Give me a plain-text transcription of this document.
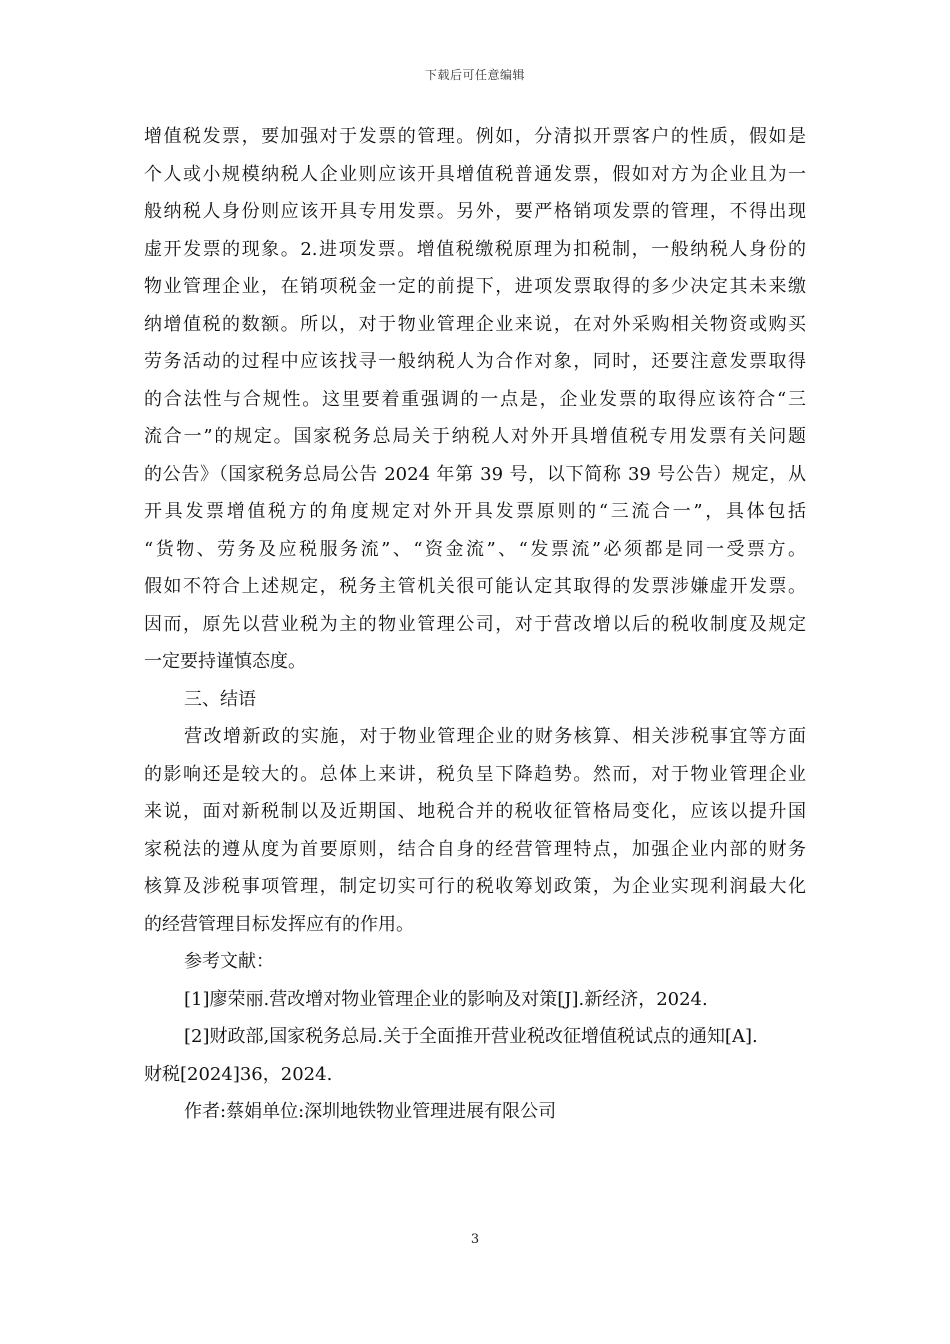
下载后可任意编辑
增值税发票，要加强对于发票的管理。例如，分清拟开票客户的性质，假如是
个人或小规模纳税人企业则应该开具增值税普通发票，假如对方为企业且为一
般纳税人身份则应该开具专用发票。另外，要严格销项发票的管理，不得出现
虚开发票的现象。2.进项发票。增值税缴税原理为扣税制，一般纳税人身份的
物业管理企业，在销项税金一定的前提下，进项发票取得的多少决定其未来缴
纳增值税的数额。所以，对于物业管理企业来说，在对外采购相关物资或购买
劳务活动的过程中应该找寻一般纳税人为合作对象，同时，还要注意发票取得
的合法性与合规性。这里要着重强调的一点是，企业发票的取得应该符合“三
流合一”的规定。国家税务总局关于纳税人对外开具增值税专用发票有关问题
的公告》（国家税务总局公告 2024 年第 39 号，以下简称 39 号公告）规定，从
开具发票增值税方的角度规定对外开具发票原则的“三流合一”，具体包括
“货物、劳务及应税服务流”、“资金流”、“发票流”必须都是同一受票方。
假如不符合上述规定，税务主管机关很可能认定其取得的发票涉嫌虚开发票。
因而，原先以营业税为主的物业管理公司，对于营改增以后的税收制度及规定
一定要持谨慎态度。
三、结语
营改增新政的实施，对于物业管理企业的财务核算、相关涉税事宜等方面
的影响还是较大的。总体上来讲，税负呈下降趋势。然而，对于物业管理企业
来说，面对新税制以及近期国、地税合并的税收征管格局变化，应该以提升国
家税法的遵从度为首要原则，结合自身的经营管理特点，加强企业内部的财务
核算及涉税事项管理，制定切实可行的税收筹划政策，为企业实现利润最大化
的经营管理目标发挥应有的作用。
参考文献：
[1]廖荣丽.营改增对物业管理企业的影响及对策[J].新经济，2024.
[2]财政部,国家税务总局.关于全面推开营业税改征增值税试点的通知[A].
财税[2024]36，2024.
作者:蔡娟单位:深圳地铁物业管理进展有限公司
3
